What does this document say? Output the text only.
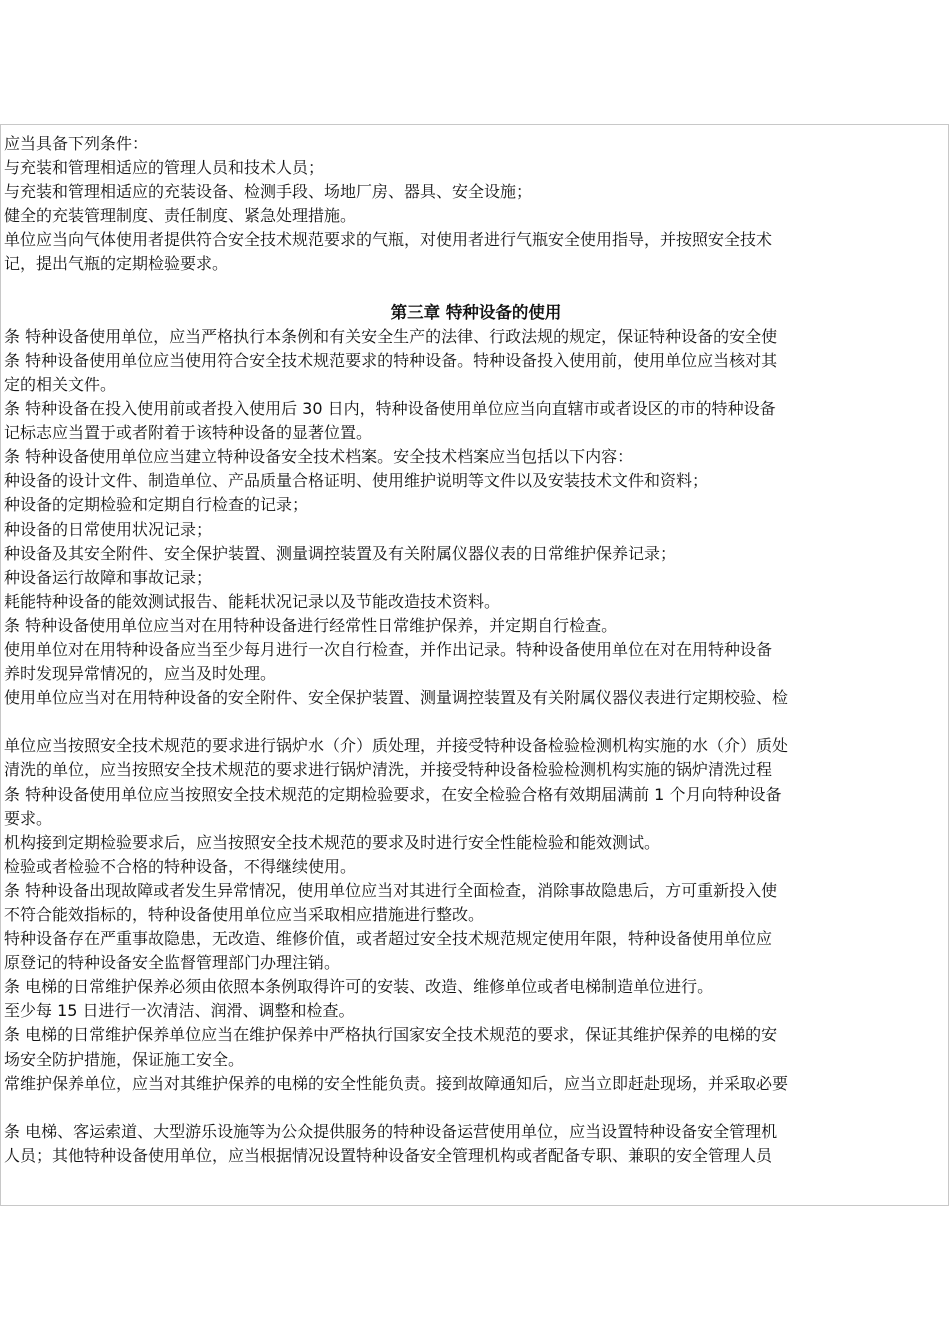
应当具备下列条件：
与充装和管理相适应的管理人员和技术人员；
与充装和管理相适应的充装设备、检测手段、场地厂房、器具、安全设施；
健全的充装管理制度、责任制度、紧急处理措施。
单位应当向气体使用者提供符合安全技术规范要求的气瓶，对使用者进行气瓶安全使用指导，并按照安全技术
记，提出气瓶的定期检验要求。
第三章 特种设备的使用
条 特种设备使用单位，应当严格执行本条例和有关安全生产的法律、行政法规的规定，保证特种设备的安全使
条 特种设备使用单位应当使用符合安全技术规范要求的特种设备。特种设备投入使用前，使用单位应当核对其
定的相关文件。
条 特种设备在投入使用前或者投入使用后 30 日内，特种设备使用单位应当向直辖市或者设区的市的特种设备
记标志应当置于或者附着于该特种设备的显著位置。
条 特种设备使用单位应当建立特种设备安全技术档案。安全技术档案应当包括以下内容：
种设备的设计文件、制造单位、产品质量合格证明、使用维护说明等文件以及安装技术文件和资料；
种设备的定期检验和定期自行检查的记录；
种设备的日常使用状况记录；
种设备及其安全附件、安全保护装置、测量调控装置及有关附属仪器仪表的日常维护保养记录；
种设备运行故障和事故记录；
耗能特种设备的能效测试报告、能耗状况记录以及节能改造技术资料。
条 特种设备使用单位应当对在用特种设备进行经常性日常维护保养，并定期自行检查。
使用单位对在用特种设备应当至少每月进行一次自行检查，并作出记录。特种设备使用单位在对在用特种设备
养时发现异常情况的，应当及时处理。
使用单位应当对在用特种设备的安全附件、安全保护装置、测量调控装置及有关附属仪器仪表进行定期校验、检
单位应当按照安全技术规范的要求进行锅炉水（介）质处理，并接受特种设备检验检测机构实施的水（介）质处
清洗的单位，应当按照安全技术规范的要求进行锅炉清洗，并接受特种设备检验检测机构实施的锅炉清洗过程
条 特种设备使用单位应当按照安全技术规范的定期检验要求，在安全检验合格有效期届满前 1 个月向特种设备
要求。
机构接到定期检验要求后，应当按照安全技术规范的要求及时进行安全性能检验和能效测试。
检验或者检验不合格的特种设备，不得继续使用。
条 特种设备出现故障或者发生异常情况，使用单位应当对其进行全面检查，消除事故隐患后，方可重新投入使
不符合能效指标的，特种设备使用单位应当采取相应措施进行整改。
特种设备存在严重事故隐患，无改造、维修价值，或者超过安全技术规范规定使用年限，特种设备使用单位应
原登记的特种设备安全监督管理部门办理注销。
条 电梯的日常维护保养必须由依照本条例取得许可的安装、改造、维修单位或者电梯制造单位进行。
至少每 15 日进行一次清洁、润滑、调整和检查。
条 电梯的日常维护保养单位应当在维护保养中严格执行国家安全技术规范的要求，保证其维护保养的电梯的安
场安全防护措施，保证施工安全。
常维护保养单位，应当对其维护保养的电梯的安全性能负责。接到故障通知后，应当立即赶赴现场，并采取必要
条 电梯、客运索道、大型游乐设施等为公众提供服务的特种设备运营使用单位，应当设置特种设备安全管理机
人员；其他特种设备使用单位，应当根据情况设置特种设备安全管理机构或者配备专职、兼职的安全管理人员
